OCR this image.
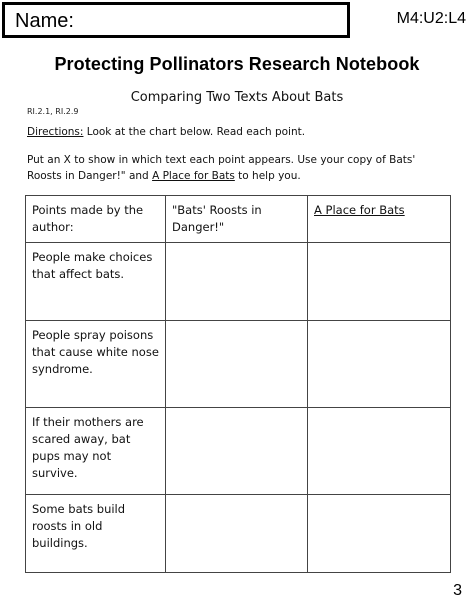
Name:	M4:U2:L4
Protecting Pollinators Research Notebook
Comparing Two Texts About Bats
RI.2.1, RI.2.9
Directions: Look at the chart below. Read each point.
Put an X to show in which text each point appears. Use your copy of Bats' Roosts in Danger!" and A Place for Bats to help you.
Points made by the author:	"Bats' Roosts in Danger!"	A Place for Bats
People make choices that affect bats.		
People spray poisons that cause white nose syndrome.		
If their mothers are scared away, bat pups may not survive.		
Some bats build roosts in old buildings.		
3
